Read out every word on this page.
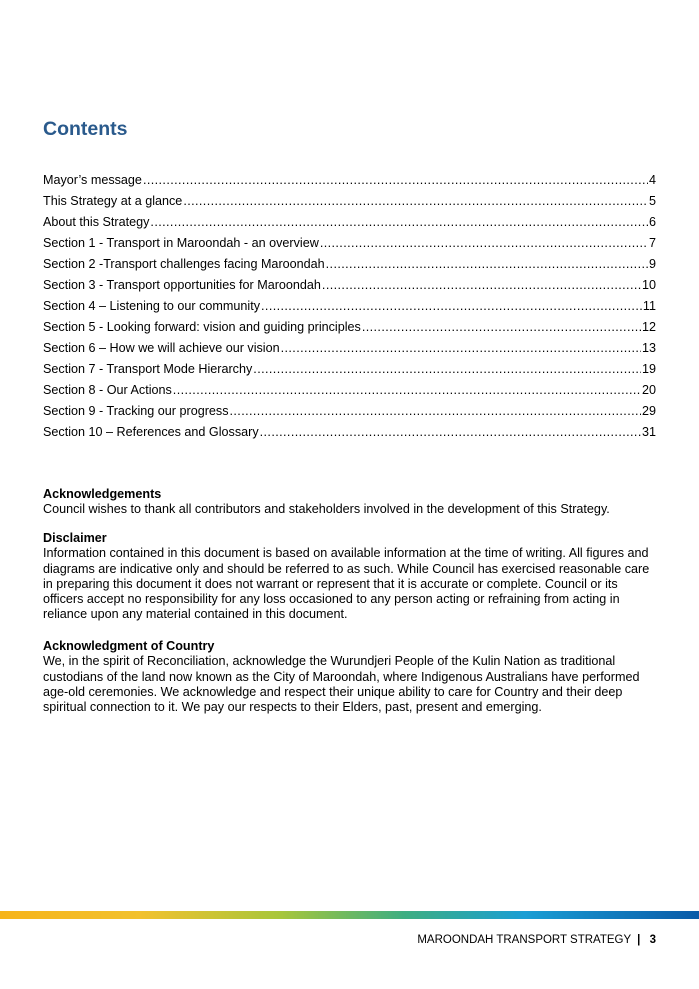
Contents
Mayor’s message .....	4
This Strategy at a glance .....	5
About this Strategy .....	6
Section 1 - Transport in Maroondah - an overview .....	7
Section 2 -Transport challenges facing Maroondah .....	9
Section 3 - Transport opportunities for Maroondah .....	10
Section 4 – Listening to our community .....	11
Section 5 - Looking forward: vision and guiding principles .....	12
Section 6 – How we will achieve our vision .....	13
Section 7 - Transport Mode Hierarchy .....	19
Section 8 - Our Actions .....	20
Section 9 - Tracking our progress .....	29
Section 10 – References and Glossary .....	31
Acknowledgements

Council wishes to thank all contributors and stakeholders involved in the development of this Strategy.

Disclaimer

Information contained in this document is based on available information at the time of writing. All figures and diagrams are indicative only and should be referred to as such. While Council has exercised reasonable care in preparing this document it does not warrant or represent that it is accurate or complete. Council or its officers accept no responsibility for any loss occasioned to any person acting or refraining from acting in reliance upon any material contained in this document.

Acknowledgment of Country

We, in the spirit of Reconciliation, acknowledge the Wurundjeri People of the Kulin Nation as traditional custodians of the land now known as the City of Maroondah, where Indigenous Australians have performed age-old ceremonies. We acknowledge and respect their unique ability to care for Country and their deep spiritual connection to it. We pay our respects to their Elders, past, present and emerging.

MAROONDAH TRANSPORT STRATEGY | 3
